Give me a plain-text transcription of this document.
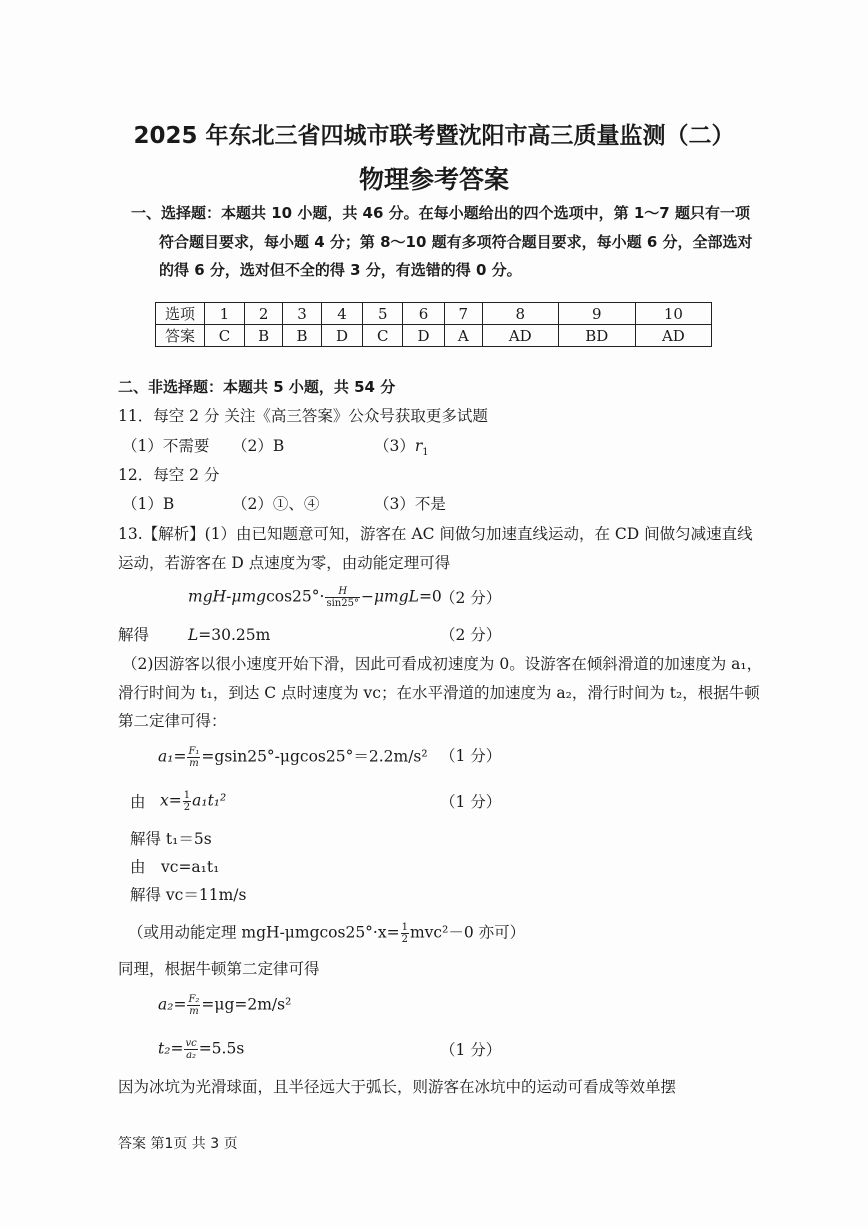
2025 年东北三省四城市联考暨沈阳市高三质量监测（二）
物理参考答案
一、选择题：本题共 10 小题，共 46 分。在每小题给出的四个选项中，第 1～7 题只有一项
符合题目要求，每小题 4 分；第 8～10 题有多项符合题目要求，每小题 6 分，全部选对
的得 6 分，选对但不全的得 3 分，有选错的得 0 分。
选项	1	2	3	4	5	6	7	8	9	10
答案	C	B	B	D	C	D	A	AD	BD	AD
二、非选择题：本题共 5 小题，共 54 分
11．每空 2 分 关注《高三答案》公众号获取更多试题
（1）不需要 （2）B	$(3)r_1$
12．每空 2 分
（1）B	（2）①、④	（3）不是
13.【解析】(1）由已知题意可知，游客在 AC 间做匀加速直线运动，在 CD 间做匀减速直线
运动，若游客在 D 点速度为零，由动能定理可得
$mgH-\mu mgcos25^\circ\cdot \frac{H}{\sin 25^\circ} -\mu mgL=0$
（2 分）
解得	L=30.25m	（2 分）
（2)因游客以很小速度开始下滑，因此可看成初速度为 0。设游客在倾斜滑道的加速度为 a₁，
滑行时间为 t₁，到达 C 点时速度为 vc；在水平滑道的加速度为 a₂，滑行时间为 t₂，根据牛顿
第二定律可得：
$a_1= \frac{\text{F₁}}{m} =gsin25^\circ-\mu gcos25^\circ=2.2m/s^2$ （1 分）
由 $x= \frac{1}{2} a_1t_1^2$	（1 分）
解得 t₁＝5s
由　vc=a₁t₁
解得 vc＝11m/s
（或用动能定理 $mgH-\mu mgcos25^\circ\cdot x= \frac{1}{2} mvc^2-0$ 亦可）
同理，根据牛顿第二定律可得
$a_2= \frac{\text{F₂}}{m} =\mu g=2m/s^2$
$t_2= \frac{vc}{\text{a₂}} =5.5s$	（1 分）
因为冰坑为光滑球面，且半径远大于弧长，则游客在冰坑中的运动可看成等效单摆
答案 第1页 共 3 页
